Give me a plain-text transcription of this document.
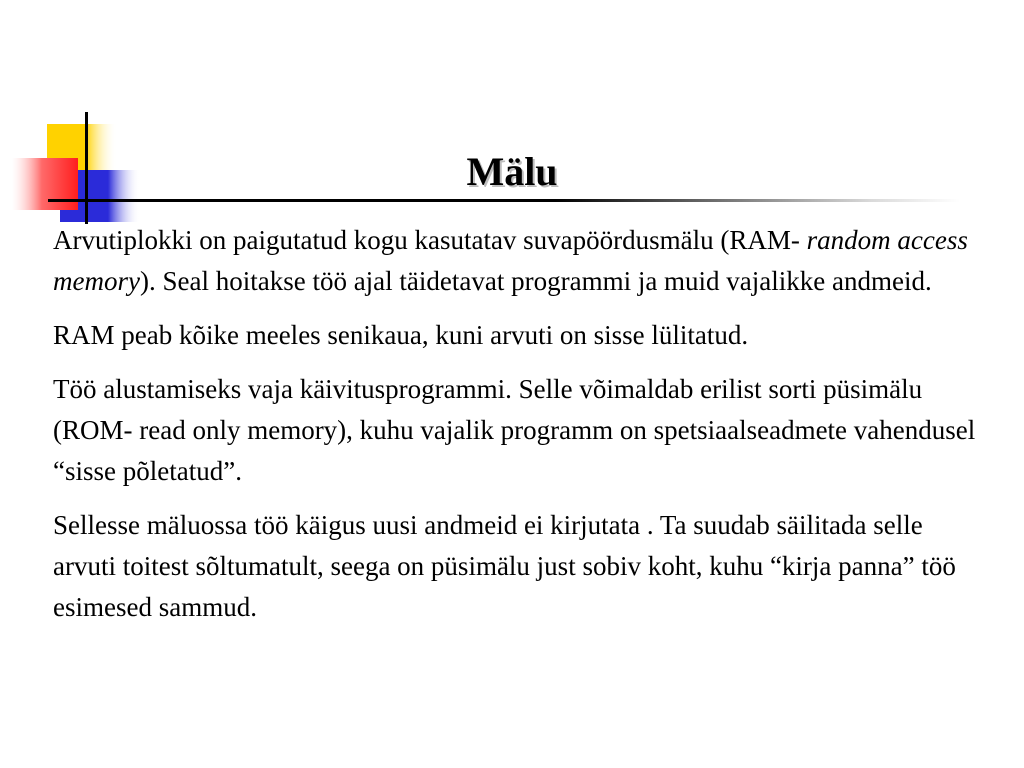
Mälu

Arvutiplokki on paigutatud kogu kasutatav suvapöördusmälu (RAM- random access memory). Seal hoitakse töö ajal täidetavat programmi ja muid vajalikke andmeid.

RAM peab kõike meeles senikaua, kuni arvuti on sisse lülitatud.

Töö alustamiseks vaja käivitusprogrammi. Selle võimaldab erilist sorti püsimälu (ROM- read only memory), kuhu vajalik programm on spetsiaalseadmete vahendusel “sisse põletatud”.

Sellesse mäluossa töö käigus uusi andmeid ei kirjutata . Ta suudab säilitada selle arvuti toitest sõltumatult, seega on püsimälu just sobiv koht, kuhu “kirja panna” töö esimesed sammud.
